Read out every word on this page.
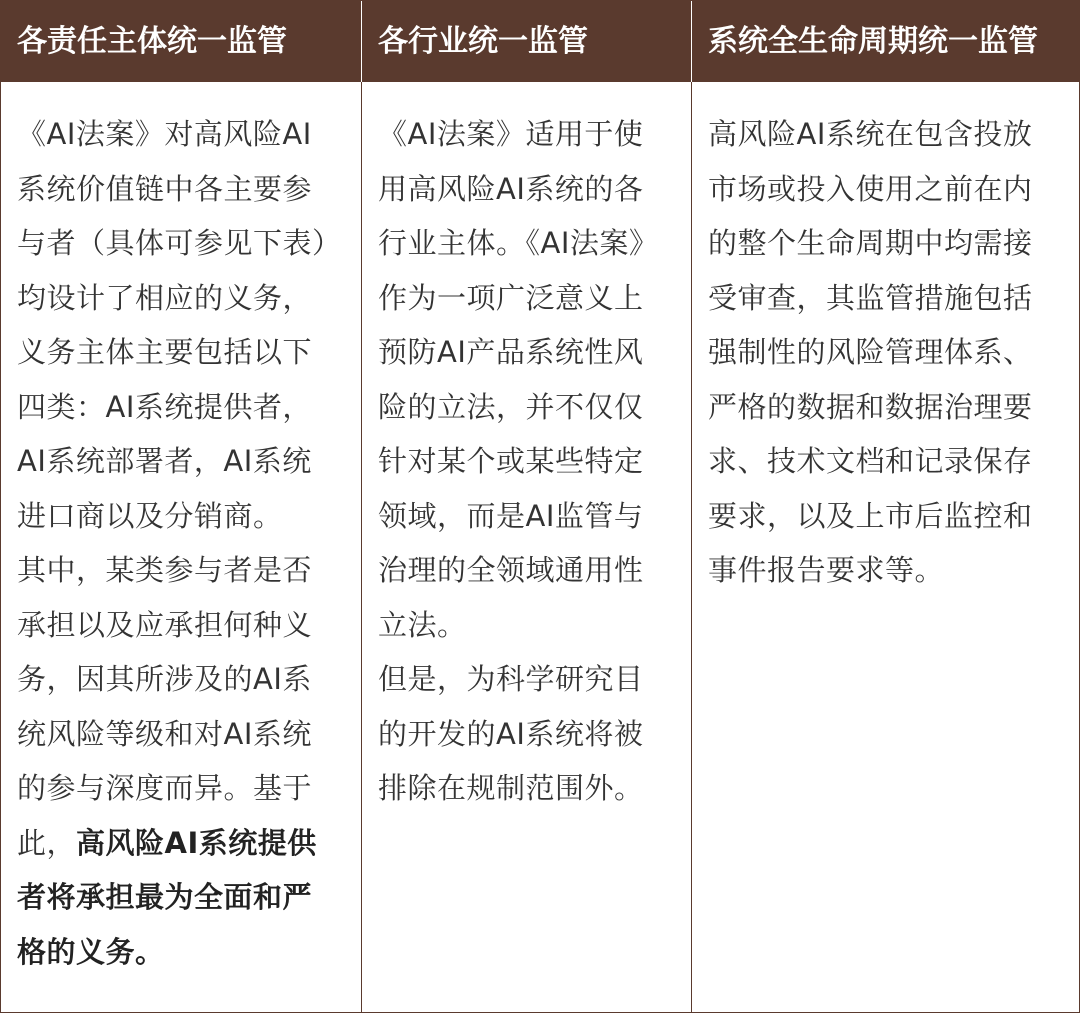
各责任主体统一监管	各行业统一监管	系统全生命周期统一监管
《AI法案》对高风险AI
系统价值链中各主要参
与者（具体可参见下表）
均设计了相应的义务，
义务主体主要包括以下
四类：AI系统提供者，
AI系统部署者，AI系统
进口商以及分销商。
其中，某类参与者是否
承担以及应承担何种义
务，因其所涉及的AI系
统风险等级和对AI系统
的参与深度而异。基于
此，高风险AI系统提供
者将承担最为全面和严
格的义务。
《AI法案》适用于使
用高风险AI系统的各
行业主体。《AI法案》
作为一项广泛意义上
预防AI产品系统性风
险的立法，并不仅仅
针对某个或某些特定
领域，而是AI监管与
治理的全领域通用性
立法。
但是，为科学研究目
的开发的AI系统将被
排除在规制范围外。
高风险AI系统在包含投放
市场或投入使用之前在内
的整个生命周期中均需接
受审查，其监管措施包括
强制性的风险管理体系、
严格的数据和数据治理要
求、技术文档和记录保存
要求，以及上市后监控和
事件报告要求等。
